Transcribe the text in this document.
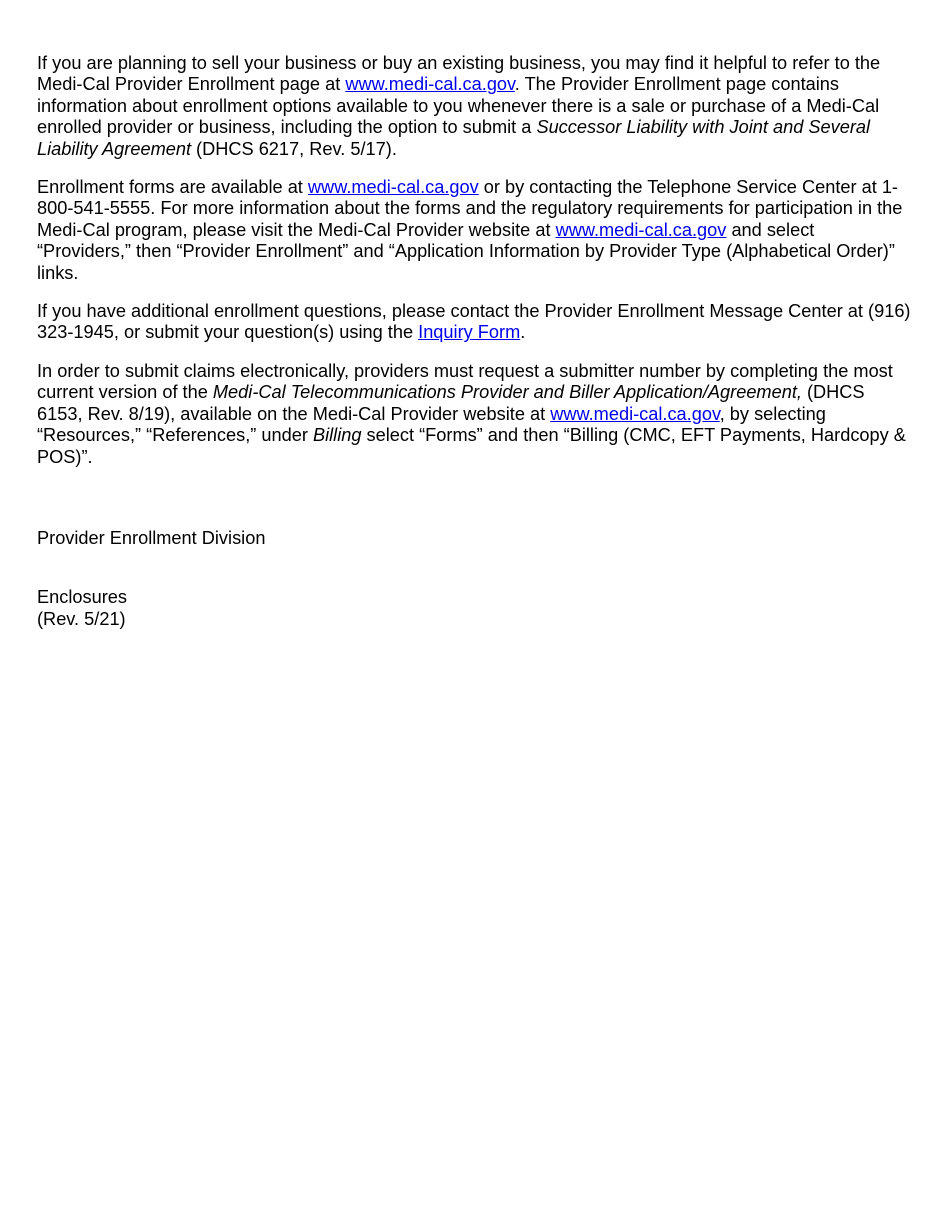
If you are planning to sell your business or buy an existing business, you may find it helpful to refer to the Medi-Cal Provider Enrollment page at www.medi-cal.ca.gov. The Provider Enrollment page contains information about enrollment options available to you whenever there is a sale or purchase of a Medi-Cal enrolled provider or business, including the option to submit a Successor Liability with Joint and Several Liability Agreement (DHCS 6217, Rev. 5/17).

Enrollment forms are available at www.medi-cal.ca.gov or by contacting the Telephone Service Center at 1-800-541-5555. For more information about the forms and the regulatory requirements for participation in the Medi-Cal program, please visit the Medi-Cal Provider website at www.medi-cal.ca.gov and select “Providers,” then “Provider Enrollment” and “Application Information by Provider Type (Alphabetical Order)” links.

If you have additional enrollment questions, please contact the Provider Enrollment Message Center at (916) 323-1945, or submit your question(s) using the Inquiry Form.

In order to submit claims electronically, providers must request a submitter number by completing the most current version of the Medi-Cal Telecommunications Provider and Biller Application/Agreement, (DHCS 6153, Rev. 8/19), available on the Medi-Cal Provider website at www.medi-cal.ca.gov, by selecting “Resources,” “References,” under Billing select “Forms” and then “Billing (CMC, EFT Payments, Hardcopy & POS)”.

Provider Enrollment Division
Enclosures
(Rev. 5/21)
